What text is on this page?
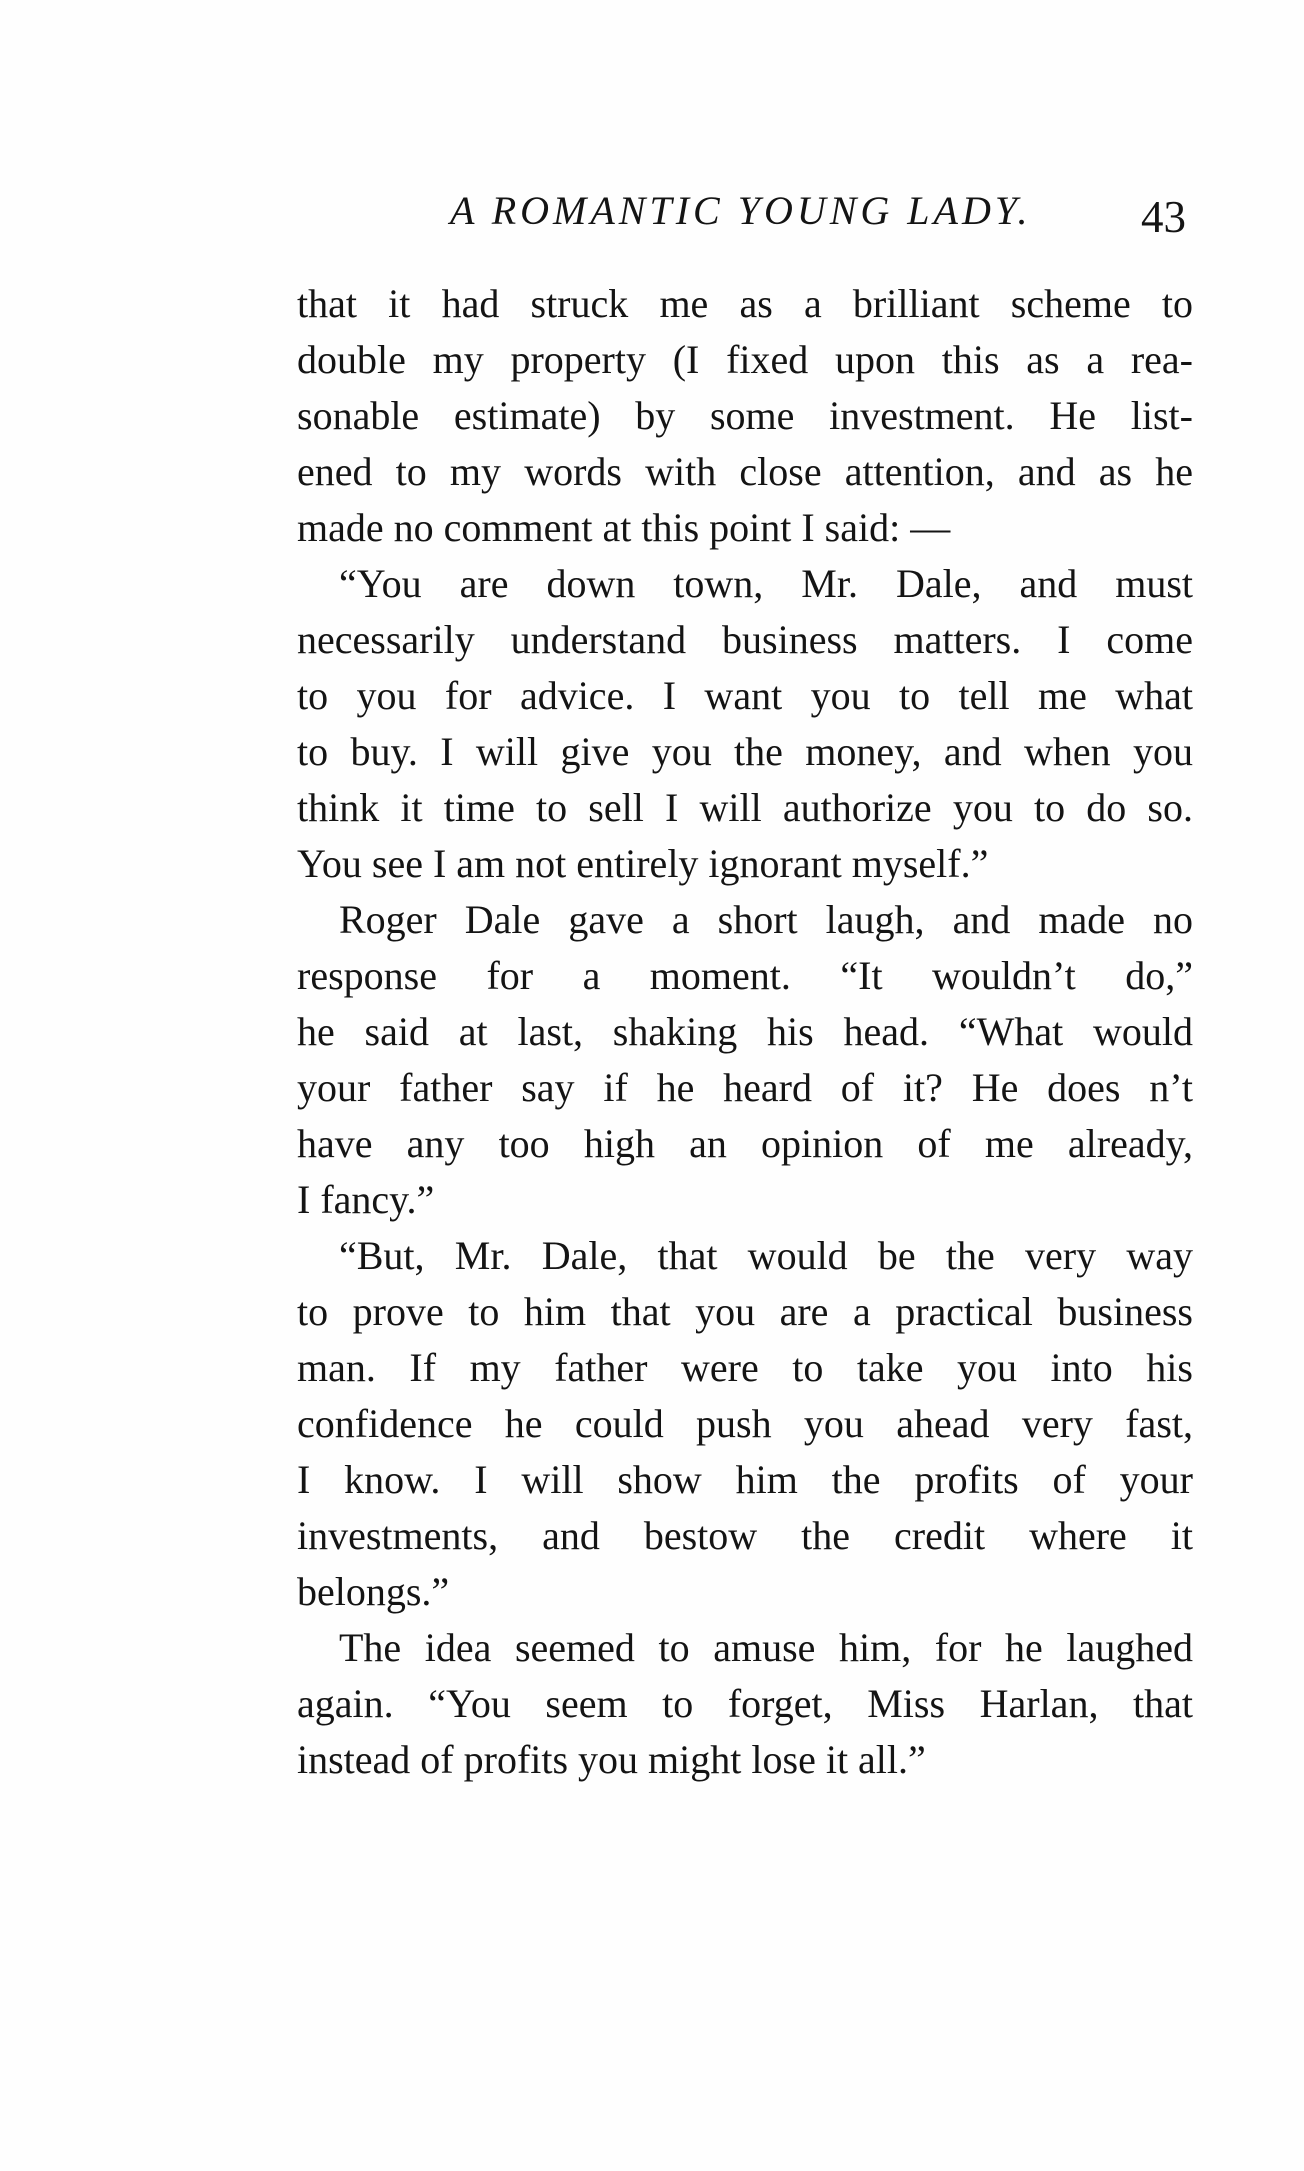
A ROMANTIC YOUNG LADY. 43
that it had struck me as a brilliant scheme to
double my property (I fixed upon this as a rea-
sonable estimate) by some investment. He list-
ened to my words with close attention, and as he
made no comment at this point I said: —
“You are down town, Mr. Dale, and must
necessarily understand business matters. I come
to you for advice. I want you to tell me what
to buy. I will give you the money, and when you
think it time to sell I will authorize you to do so.
You see I am not entirely ignorant myself.”
Roger Dale gave a short laugh, and made no
response for a moment. “It wouldn’t do,”
he said at last, shaking his head. “What would
your father say if he heard of it? He does n’t
have any too high an opinion of me already,
I fancy.”
“But, Mr. Dale, that would be the very way
to prove to him that you are a practical business
man. If my father were to take you into his
confidence he could push you ahead very fast,
I know. I will show him the profits of your
investments, and bestow the credit where it
belongs.”
The idea seemed to amuse him, for he laughed
again. “You seem to forget, Miss Harlan, that
instead of profits you might lose it all.”
